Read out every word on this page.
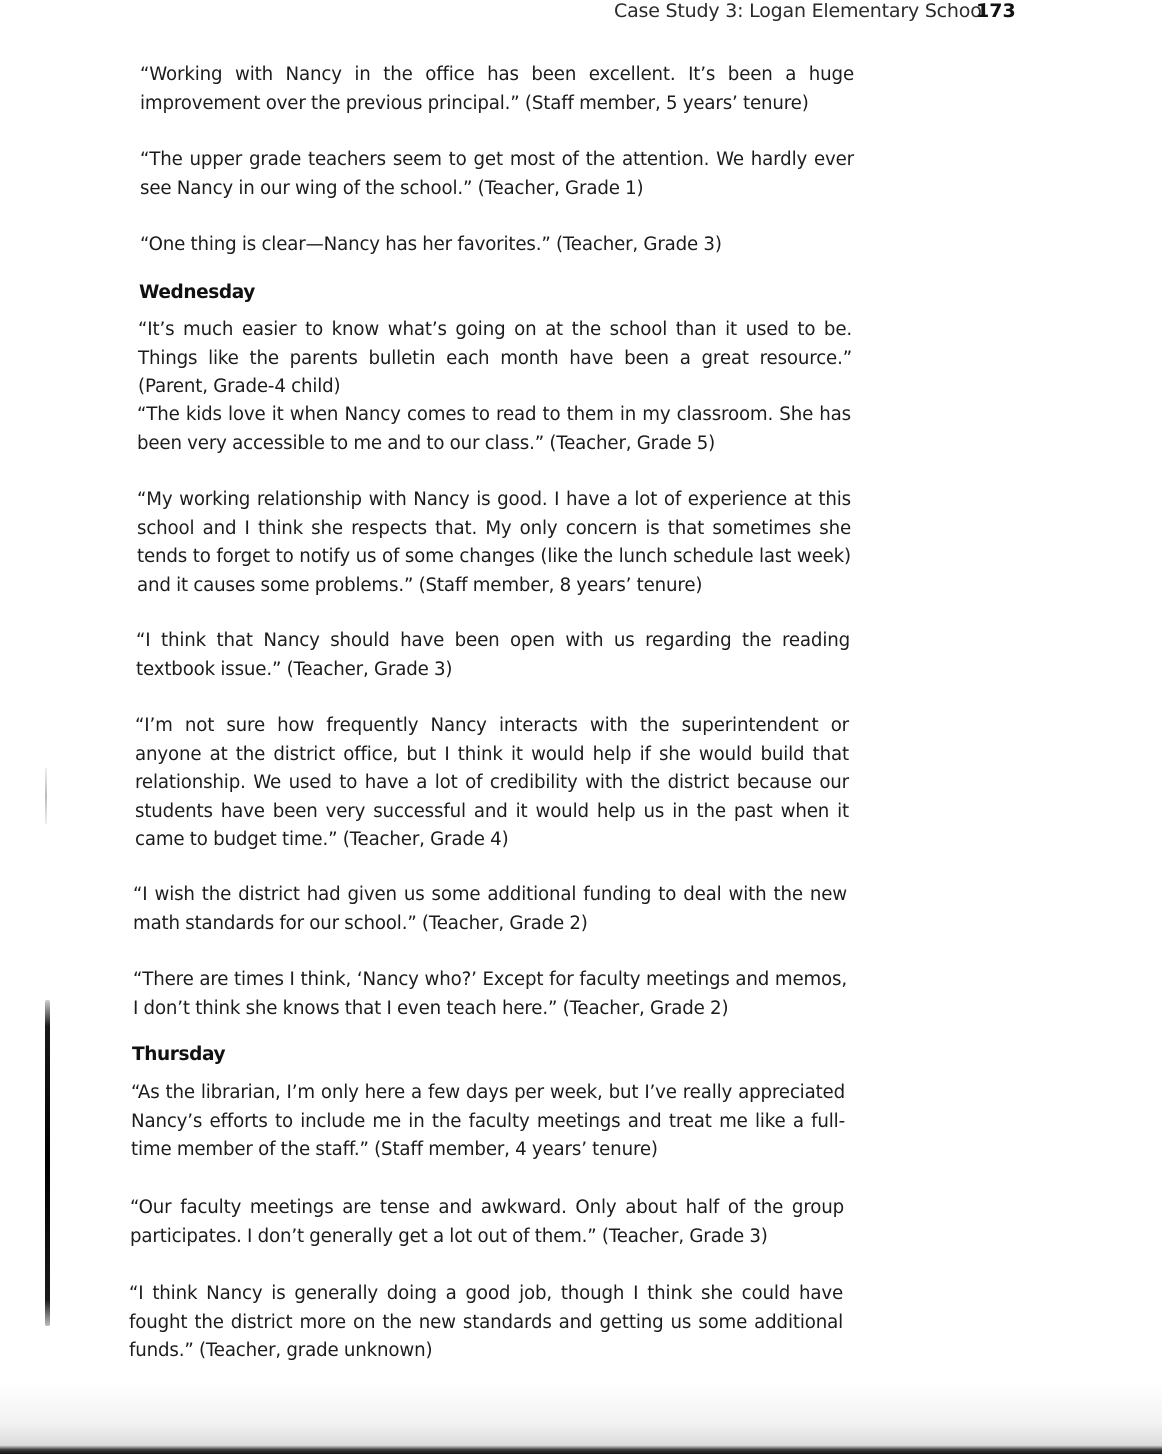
Case Study 3: Logan Elementary School
173

“Working with Nancy in the office has been excellent. It’s been a huge improvement over the previous principal.” (Staff member, 5 years’ tenure)

“The upper grade teachers seem to get most of the attention. We hardly ever see Nancy in our wing of the school.” (Teacher, Grade 1)

“One thing is clear—Nancy has her favorites.” (Teacher, Grade 3)

Wednesday

“It’s much easier to know what’s going on at the school than it used to be. Things like the parents bulletin each month have been a great resource.” (Parent, Grade-4 child)

“The kids love it when Nancy comes to read to them in my classroom. She has been very accessible to me and to our class.” (Teacher, Grade 5)

“My working relationship with Nancy is good. I have a lot of experience at this school and I think she respects that. My only concern is that sometimes she tends to forget to notify us of some changes (like the lunch schedule last week) and it causes some problems.” (Staff member, 8 years’ tenure)

“I think that Nancy should have been open with us regarding the reading textbook issue.” (Teacher, Grade 3)

“I’m not sure how frequently Nancy interacts with the superintendent or anyone at the district office, but I think it would help if she would build that relationship. We used to have a lot of credibility with the district because our students have been very successful and it would help us in the past when it came to budget time.” (Teacher, Grade 4)

“I wish the district had given us some additional funding to deal with the new math standards for our school.” (Teacher, Grade 2)

“There are times I think, ‘Nancy who?’ Except for faculty meetings and memos, I don’t think she knows that I even teach here.” (Teacher, Grade 2)

Thursday

“As the librarian, I’m only here a few days per week, but I’ve really appreciated Nancy’s efforts to include me in the faculty meetings and treat me like a full-time member of the staff.” (Staff member, 4 years’ tenure)

“Our faculty meetings are tense and awkward. Only about half of the group participates. I don’t generally get a lot out of them.” (Teacher, Grade 3)

“I think Nancy is generally doing a good job, though I think she could have fought the district more on the new standards and getting us some additional funds.” (Teacher, grade unknown)
